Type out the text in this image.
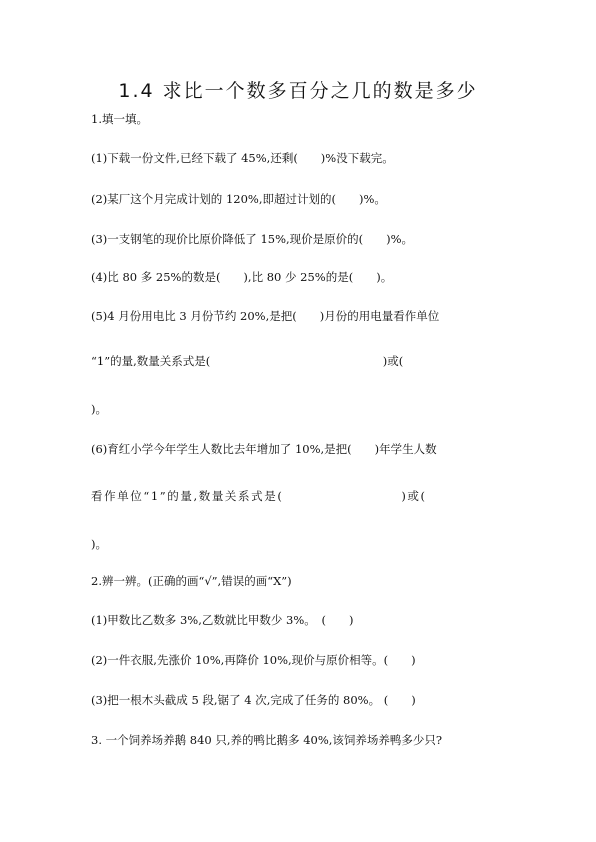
1.4 求比一个数多百分之几的数是多少
1.填一填。
(1)下载一份文件,已经下载了 45%,还剩(　　)%没下载完。
(2)某厂这个月完成计划的 120%,即超过计划的(　　)%。
(3)一支钢笔的现价比原价降低了 15%,现价是原价的(　　)%。
(4)比 80 多 25%的数是(　　),比 80 少 25%的是(　　)。
(5)4 月份用电比 3 月份节约 20%,是把(　　)月份的用电量看作单位
“1”的量,数量关系式是(　　　　　　　　　　　　　　　)或(
)。
(6)育红小学今年学生人数比去年增加了 10%,是把(　　)年学生人数
看作单位“1”的量,数量关系式是(　　　　　　　　　)或(
)。
2.辨一辨。(正确的画“√”,错误的画“X”)
(1)甲数比乙数多 3%,乙数就比甲数少 3%。　(　　)
(2)一件衣服,先涨价 10%,再降价 10%,现价与原价相等。(　　)
(3)把一根木头截成 5 段,锯了 4 次,完成了任务的 80%。 (　　)
3. 一个饲养场养鹅 840 只,养的鸭比鹅多 40%,该饲养场养鸭多少只?
